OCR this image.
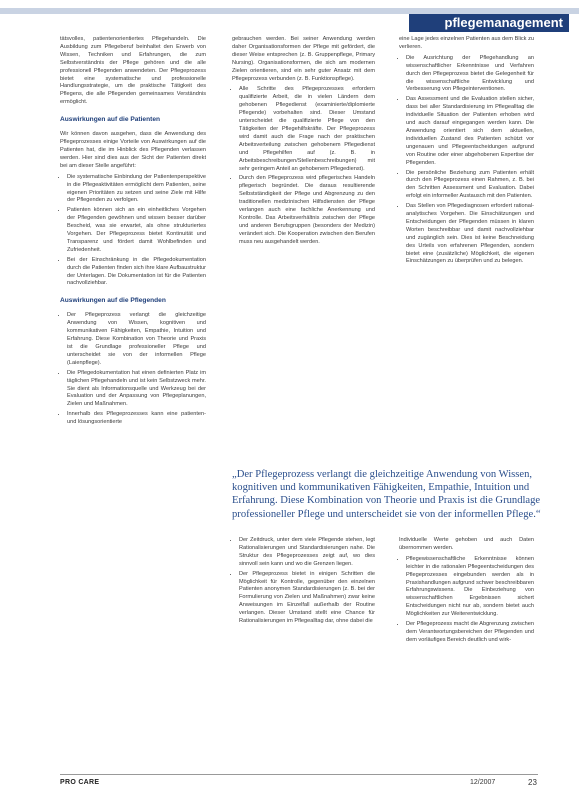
pflegemanagement

tätsvolles, patientenorientiertes Pflegehandeln. Die Ausbildung zum Pflegeberuf beinhaltet den Erwerb von Wissen, Techniken und Erfahrungen, die zum Selbstverständnis der Pflege gehören und die alle professionell Pflegenden anwendeten. Der Pflegeprozess bietet eine systematische und professionelle Handlungsstrategie, um die praktische Tätigkeit des Pflegens, die alle Pflegenden gemeinsames Verständnis ermöglicht.

Auswirkungen auf die Patienten

Wir können davon ausgehen, dass die Anwendung des Pflegeprozesses einige Vorteile von Auswirkungen auf die Patienten hat, die im Hinblick des Pflegenden verlassen werden. Hier sind dies aus der Sicht der Patienten direkt bei am dieser Stelle angeführt:

• Die systematische Einbindung der Patientenperspektive in die Pflegeaktivitäten ermöglicht dem Patienten, seine eigenen Prioritäten zu setzen und seine Ziele mit Hilfe der Pflegenden zu verfolgen.
• Patienten können sich an ein einheitliches Vorgehen der Pflegenden gewöhnen und wissen besser darüber Bescheid, was sie erwartet, als ohne strukturiertes Vorgehen. Der Pflegeprozess bietet Kontinuität und Transparenz und fördert damit Wohlbefinden und Zufriedenheit.
• Bei der Einschränkung in die Pflegedokumentation durch die Patienten finden sich ihre klare Aufbaustruktur der Unterlagen. Die Dokumentation ist für die Patienten nachvollziehbar.
Auswirkungen auf die Pflegenden
• Der Pflegeprozess verlangt die gleichzeitige Anwendung von Wissen, kognitiven und kommunikativen Fähigkeiten, Empathie, Intuition und Erfahrung. Diese Kombination von Theorie und Praxis ist die Grundlage professioneller Pflege und unterscheidet sie von der informellen Pflege (Laienpflege).
• Die Pflegedokumentation hat einen definierten Platz im täglichen Pflegehandeln und ist kein Selbstzweck mehr. Sie dient als Informationsquelle und Werkzeug bei der Evaluation und der Anpassung von Pflegeplanungen, Zielen und Maßnahmen.
• Innerhalb des Pflegeprozesses kann eine patienten- und lösungsorientierte

gebrauchen werden. Bei seiner Anwendung werden daher Organisationsformen der Pflege mit gefördert, die dieser Weise entsprechen (z. B. Gruppenpflege, Primary Nursing). Organisationsformen, die sich am modernen Zielen orientieren, sind ein sehr guter Ansatz mit dem Pflegeprozess verbunden (z. B. Funktionspflege).

• Alle Schritte des Pflegeprozesses erfordern qualifizierte Arbeit, die in vielen Ländern dem gehobenen Pflegedienst (examinierte/diplomierte Pflegende) vorbehalten sind. Dieser Umstand unterscheidet die qualifizierte Pflege von den Tätigkeiten der Pflegehilfskräfte. Der Pflegeprozess wird damit auch die Frage nach der praktischen Arbeitsverteilung zwischen gehobenem Pflegedienst und Pflegehilfen auf (z. B. in Arbeitsbeschreibungen/Stellenbeschreibungen) mit sehr geringem Anteil an gehobenem Pflegedienst).
• Durch den Pflegeprozess wird pflegerisches Handeln pflegerisch begründet. Die daraus resultierende Selbstständigkeit der Pflege und Abgrenzung zu den traditionellen medizinischen Hilfsdiensten der Pflege verlangen auch eine fachliche Anerkennung und Kontrolle. Das Arbeitsverhältnis zwischen der Pflege und anderen Berufsgruppen (besonders der Medizin) verändert sich. Die Kooperation zwischen den Berufen muss neu ausgehandelt werden.

eine Lage jedes einzelnen Patienten aus dem Blick zu verlieren.

• Die Ausrichtung der Pflegehandlung an wissenschaftlicher Erkenntnisse und Verfahren durch den Pflegeprozess bietet die Gelegenheit für die wissenschaftliche Entwicklung und Verbesserung von Pflegeinterventionen.
• Das Assessment und die Evaluation stellen sicher, dass bei aller Standardisierung im Pflegealltag die individuelle Situation der Patienten erhoben wird und auch darauf eingegangen werden kann. Die Anwendung orientiert sich dem aktuellen, individuellen Zustand des Patienten schützt vor ungenauen und Pflegeentscheidungen aufgrund von Routine oder einer abgehobenen Expertise der Pflegenden.
• Die persönliche Beziehung zum Patienten erhält durch den Pflegeprozess einen Rahmen, z. B. bei den Schritten Assessment und Evaluation. Dabei erfolgt ein informeller Austausch mit den Patienten.
• Das Stellen von Pflegediagnosen erfordert rational-analytisches Vorgehen. Die Einschätzungen und Entscheidungen der Pflegenden müssen in klaren Worten beschreibbar und damit nachvollziehbar und zugänglich sein. Dies ist keine Beschneidung des Urteils von erfahrenen Pflegenden, sondern bietet eine (zusätzliche) Möglichkeit, die eigenen Einschätzungen zu überprüfen und zu belegen.
„Der Pflegeprozess verlangt die gleichzeitige Anwendung von Wissen, kognitiven und kommunikativen Fähigkeiten, Empathie, Intuition und Erfahrung. Diese Kombination von Theorie und Praxis ist die Grundlage professioneller Pflege und unterscheidet sie von der informellen Pflege.“
• Der Zeitdruck, unter dem viele Pflegende stehen, legt Rationalisierungen und Standardisierungen nahe. Die Struktur des Pflegeprozesses zeigt auf, wo dies sinnvoll sein kann und wo die Grenzen liegen.
• Der Pflegeprozess bietet in einigen Schritten die Möglichkeit für Kontrolle, gegenüber den einzelnen Patienten anonymen Standardisierungen (z. B. bei der Formulierung von Zielen und Maßnahmen) zwar keine Anweisungen im Einzelfall außerhalb der Routine verlangen. Dieser Umstand stellt eine Chance für Rationalisierungen im Pflegealltag dar, ohne dabei die

Individuelle Werte gehoben und auch Daten übernommen werden.

• Pflegewissenschaftliche Erkenntnisse können leichter in die rationalen Pflegeentscheidungen des Pflegeprozesses eingebunden werden als in Praxishandlungen aufgrund schwer beschreibbaren Erfahrungswissens. Die Einbeziehung von wissenschaftlichen Ergebnissen sichert Entscheidungen nicht nur ab, sondern bietet auch Möglichkeiten zur Weiterentwicklung.
• Der Pflegeprozess macht die Abgrenzung zwischen dem Verantwortungsbereichen der Pflegenden und dem vorläufiges Bereich deutlich und wirk-
PRO CARE	12/2007	23
